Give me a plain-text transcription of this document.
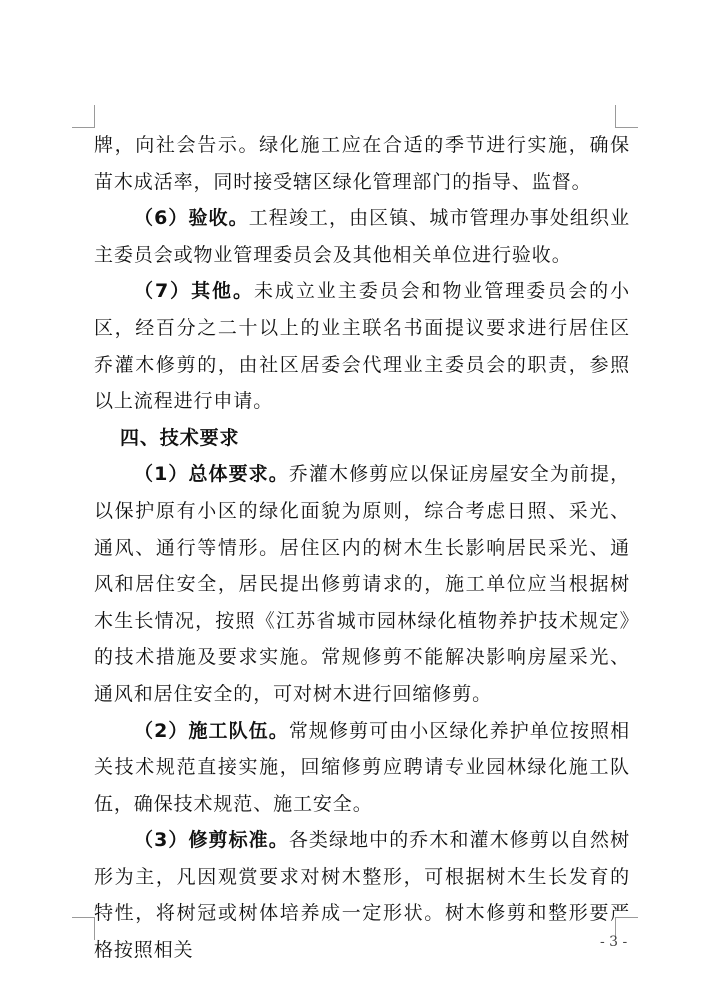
牌，向社会告示。绿化施工应在合适的季节进行实施，确保苗木成活率，同时接受辖区绿化管理部门的指导、监督。

（6）验收。工程竣工，由区镇、城市管理办事处组织业主委员会或物业管理委员会及其他相关单位进行验收。

（7）其他。未成立业主委员会和物业管理委员会的小区，经百分之二十以上的业主联名书面提议要求进行居住区乔灌木修剪的，由社区居委会代理业主委员会的职责，参照以上流程进行申请。

四、技术要求

（1）总体要求。乔灌木修剪应以保证房屋安全为前提，以保护原有小区的绿化面貌为原则，综合考虑日照、采光、通风、通行等情形。居住区内的树木生长影响居民采光、通风和居住安全，居民提出修剪请求的，施工单位应当根据树木生长情况，按照《江苏省城市园林绿化植物养护技术规定》的技术措施及要求实施。常规修剪不能解决影响房屋采光、通风和居住安全的，可对树木进行回缩修剪。

（2）施工队伍。常规修剪可由小区绿化养护单位按照相关技术规范直接实施，回缩修剪应聘请专业园林绿化施工队伍，确保技术规范、施工安全。

（3）修剪标准。各类绿地中的乔木和灌木修剪以自然树形为主，凡因观赏要求对树木整形，可根据树木生长发育的特性，将树冠或树体培养成一定形状。树木修剪和整形要严格按照相关	- 3 -
